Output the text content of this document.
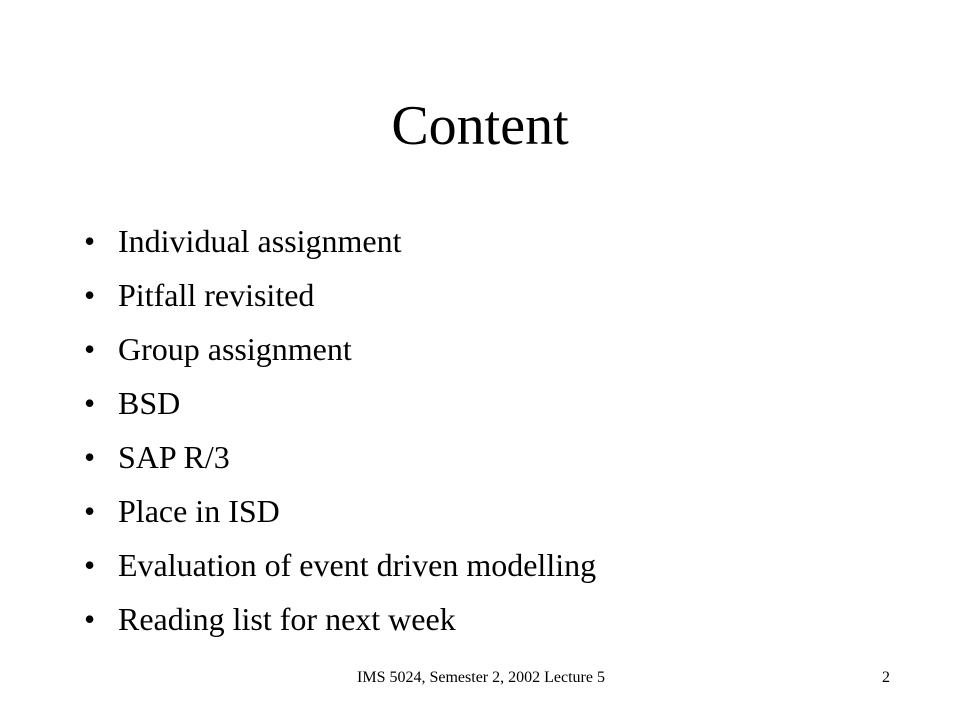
Content
• Individual assignment
• Pitfall revisited
• Group assignment
• BSD
• SAP R/3
• Place in ISD
• Evaluation of event driven modelling
• Reading list for next week
IMS 5024, Semester 2, 2002 Lecture 5	2
